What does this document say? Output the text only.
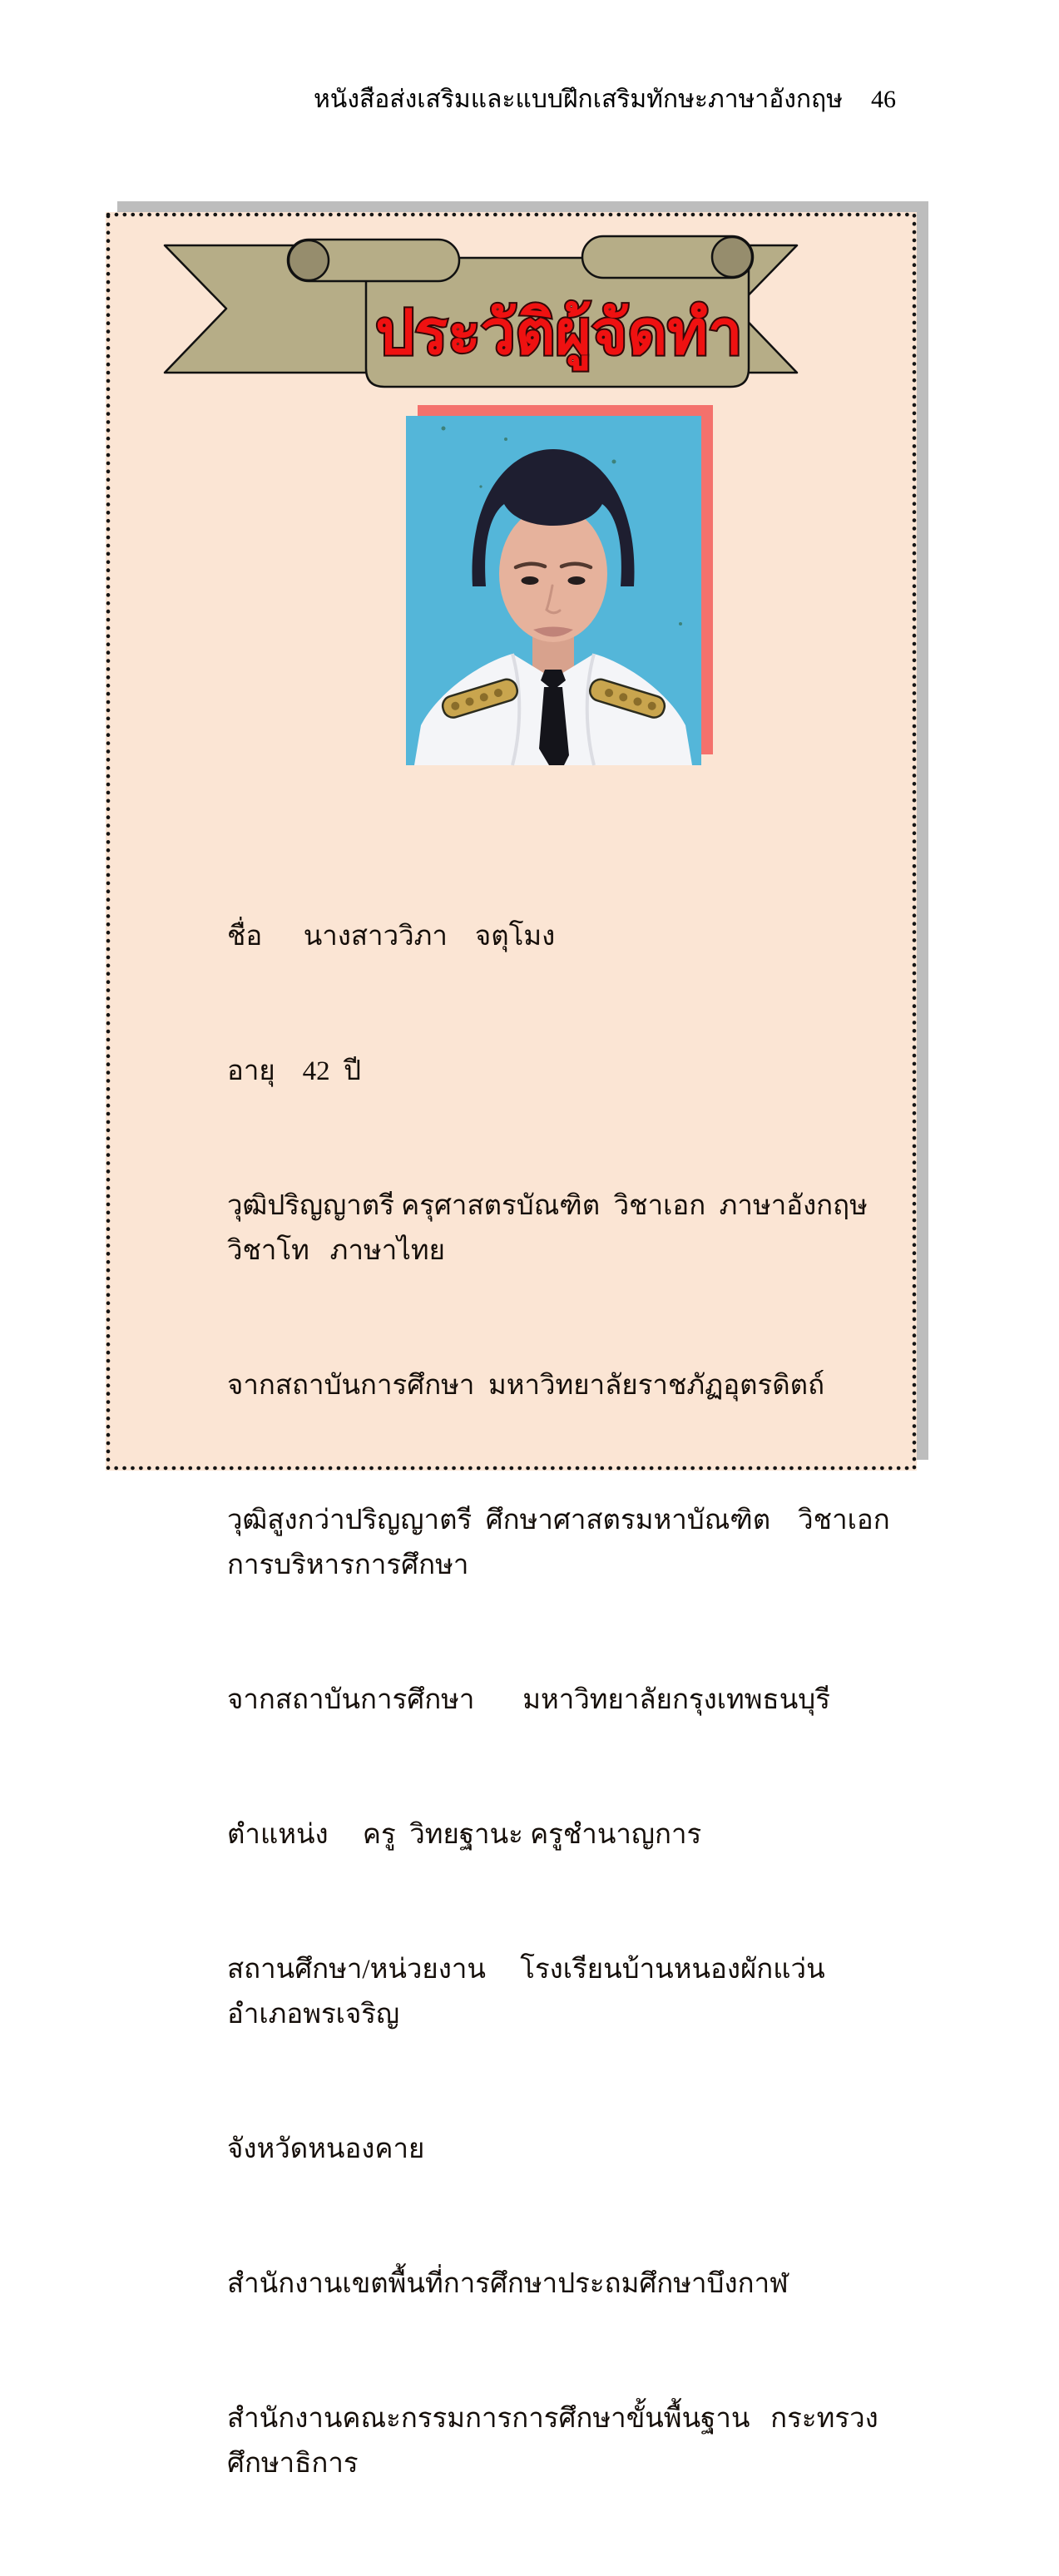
หนังสือส่งเสริมและแบบฝึกเสริมทักษะภาษาอังกฤษ 46
ประวัติผู้จัดทำ

ชื่อ      นางสาววิภา    จตุโมง

อายุ    42  ปี

วุฒิปริญญาตรี ครุศาสตรบัณฑิต  วิชาเอก  ภาษาอังกฤษ    วิชาโท   ภาษาไทย

จากสถาบันการศึกษา  มหาวิทยาลัยราชภัฏอุตรดิตถ์

วุฒิสูงกว่าปริญญาตรี  ศึกษาศาสตรมหาบัณฑิต    วิชาเอก   การบริหารการศึกษา

จากสถาบันการศึกษา       มหาวิทยาลัยกรุงเทพธนบุรี

ตำแหน่ง     ครู  วิทยฐานะ ครูชำนาญการ

สถานศึกษา/หน่วยงาน     โรงเรียนบ้านหนองผักแว่น    อำเภอพรเจริญ

จังหวัดหนองคาย

สำนักงานเขตพื้นที่การศึกษาประถมศึกษาบึงกาฬ

สำนักงานคณะกรรมการการศึกษาขั้นพื้นฐาน   กระทรวงศึกษาธิการ
